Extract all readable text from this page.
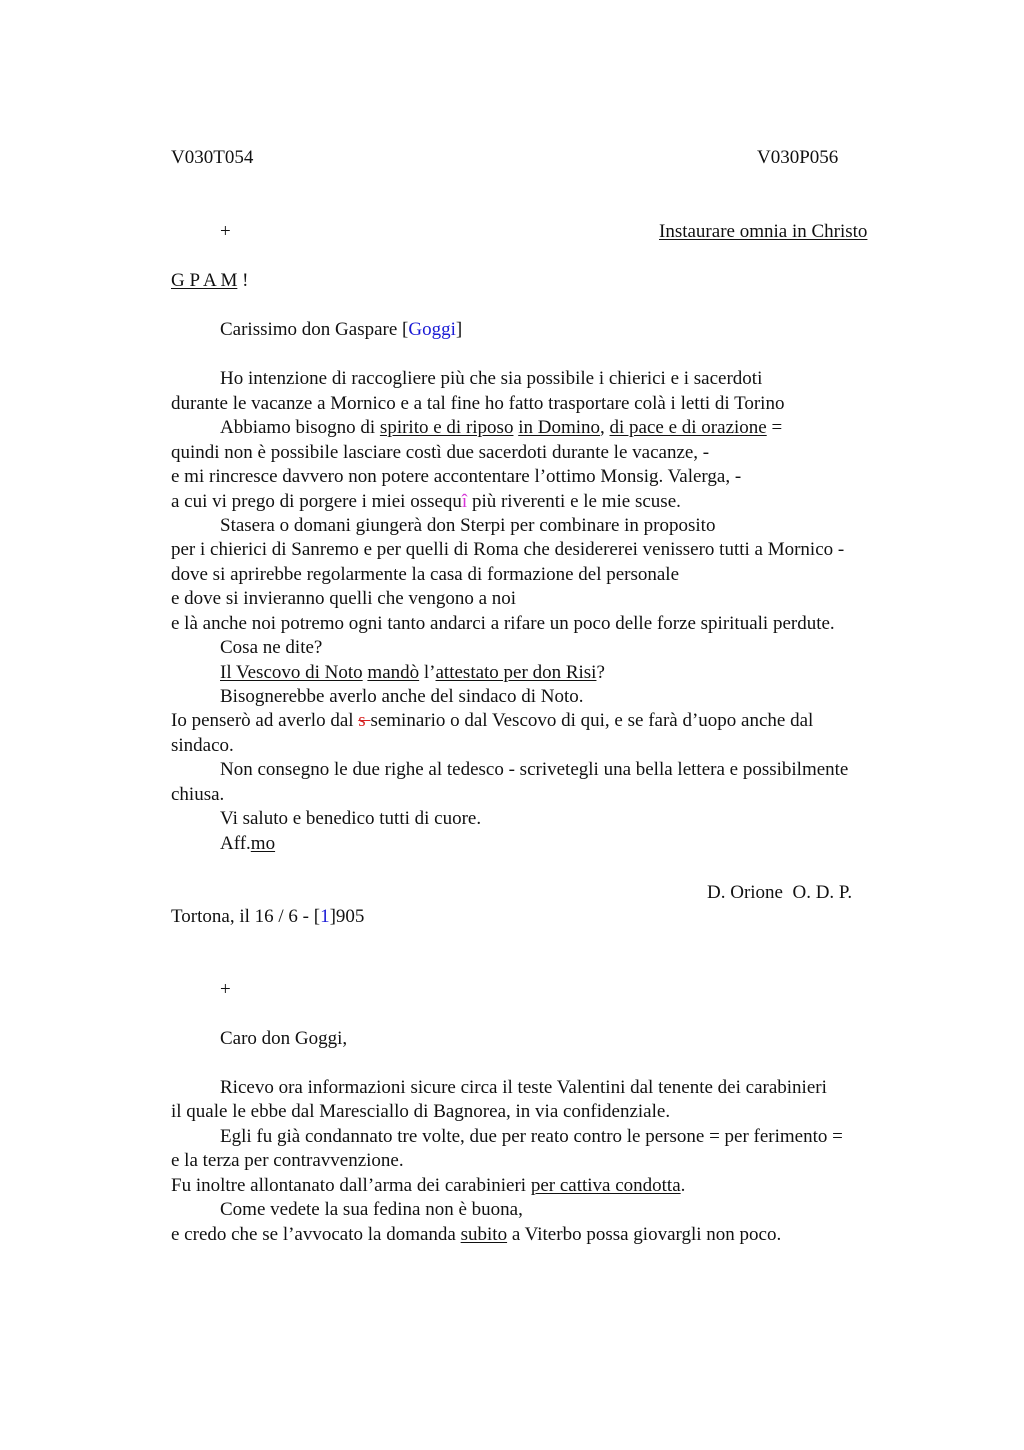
V030T054	V030P056
+	Instaurare omnia in Christo
G P A M !
Carissimo don Gaspare [Goggi]
Ho intenzione di raccogliere più che sia possibile i chierici e i sacerdoti
durante le vacanze a Mornico e a tal fine ho fatto trasportare colà i letti di Torino
Abbiamo bisogno di spirito e di riposo in Domino, di pace e di orazione =
quindi non è possibile lasciare costì due sacerdoti durante le vacanze, -
e mi rincresce davvero non potere accontentare l’ottimo Monsig. Valerga, -
a cui vi prego di porgere i miei ossequî più riverenti e le mie scuse.
Stasera o domani giungerà don Sterpi per combinare in proposito
per i chierici di Sanremo e per quelli di Roma che desidererei venissero tutti a Mornico -
dove si aprirebbe regolarmente la casa di formazione del personale
e dove si invieranno quelli che vengono a noi
e là anche noi potremo ogni tanto andarci a rifare un poco delle forze spirituali perdute.
Cosa ne dite?
Il Vescovo di Noto mandò l’attestato per don Risi?
Bisognerebbe averlo anche del sindaco di Noto.
Io penserò ad averlo dal s seminario o dal Vescovo di qui, e se farà d’uopo anche dal
sindaco.
Non consegno le due righe al tedesco - scrivetegli una bella lettera e possibilmente
chiusa.
Vi saluto e benedico tutti di cuore.
Aff.mo
D. Orione  O. D. P.
Tortona, il 16 / 6 - [1]905
+
Caro don Goggi,
Ricevo ora informazioni sicure circa il teste Valentini dal tenente dei carabinieri
il quale le ebbe dal Maresciallo di Bagnorea, in via confidenziale.
Egli fu già condannato tre volte, due per reato contro le persone = per ferimento =
e la terza per contravvenzione.
Fu inoltre allontanato dall’arma dei carabinieri per cattiva condotta.
Come vedete la sua fedina non è buona,
e credo che se l’avvocato la domanda subito a Viterbo possa giovargli non poco.
